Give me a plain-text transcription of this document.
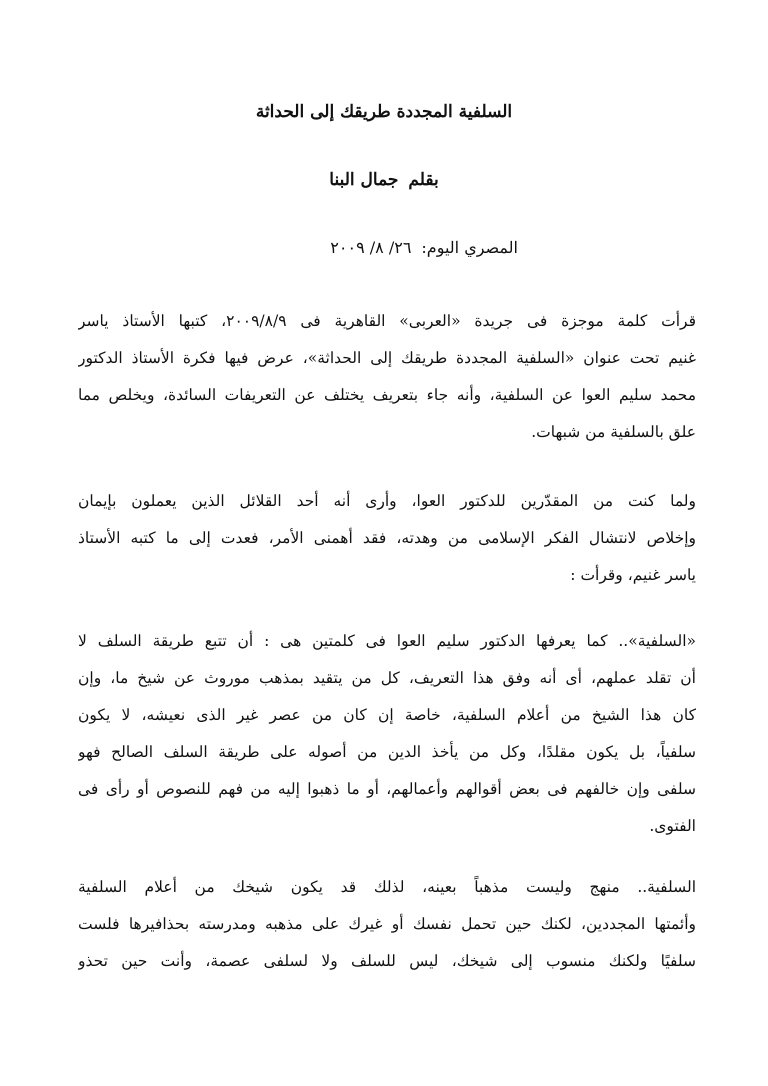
السلفية المجددة طريقك إلى الحداثة
بقلمجمال البنا
المصري اليوم:٢٦/ ٨/ ٢٠٠٩
قرأت كلمة موجزة فى جريدة «العربى» القاهرية فى ٢٠٠٩/٨/٩، كتبها الأستاذ ياسر
غنيم تحت عنوان «السلفية المجددة طريقك إلى الحداثة»، عرض فيها فكرة الأستاذ الدكتور
محمد سليم العوا عن السلفية، وأنه جاء بتعريف يختلف عن التعريفات السائدة، ويخلص مما
علق بالسلفية من شبهات.
ولما كنت من المقدّرين للدكتور العوا، وأرى أنه أحد القلائل الذين يعملون بإيمان
وإخلاص لانتشال الفكر الإسلامى من وهدته، فقد أهمنى الأمر، فعدت إلى ما كتبه الأستاذ
ياسر غنيم، وقرأت :
«السلفية».. كما يعرفها الدكتور سليم العوا فى كلمتين هى : أن تتبع طريقة السلف لا
أن تقلد عملهم، أى أنه وفق هذا التعريف، كل من يتقيد بمذهب موروث عن شيخ ما، وإن
كان هذا الشيخ من أعلام السلفية، خاصة إن كان من عصر غير الذى نعيشه، لا يكون
سلفياً، بل يكون مقلدًا، وكل من يأخذ الدين من أصوله على طريقة السلف الصالح فهو
سلفى وإن خالفهم فى بعض أقوالهم وأعمالهم، أو ما ذهبوا إليه من فهم للنصوص أو رأى فى
الفتوى.
السلفية.. منهج وليست مذهباً بعينه، لذلك قد يكون شيخك من أعلام السلفية
وأئمتها المجددين، لكنك حين تحمل نفسك أو غيرك على مذهبه ومدرسته بحذافيرها فلست
سلفيًا ولكنك منسوب إلى شيخك، ليس للسلف ولا لسلفى عصمة، وأنت حين تحذو
